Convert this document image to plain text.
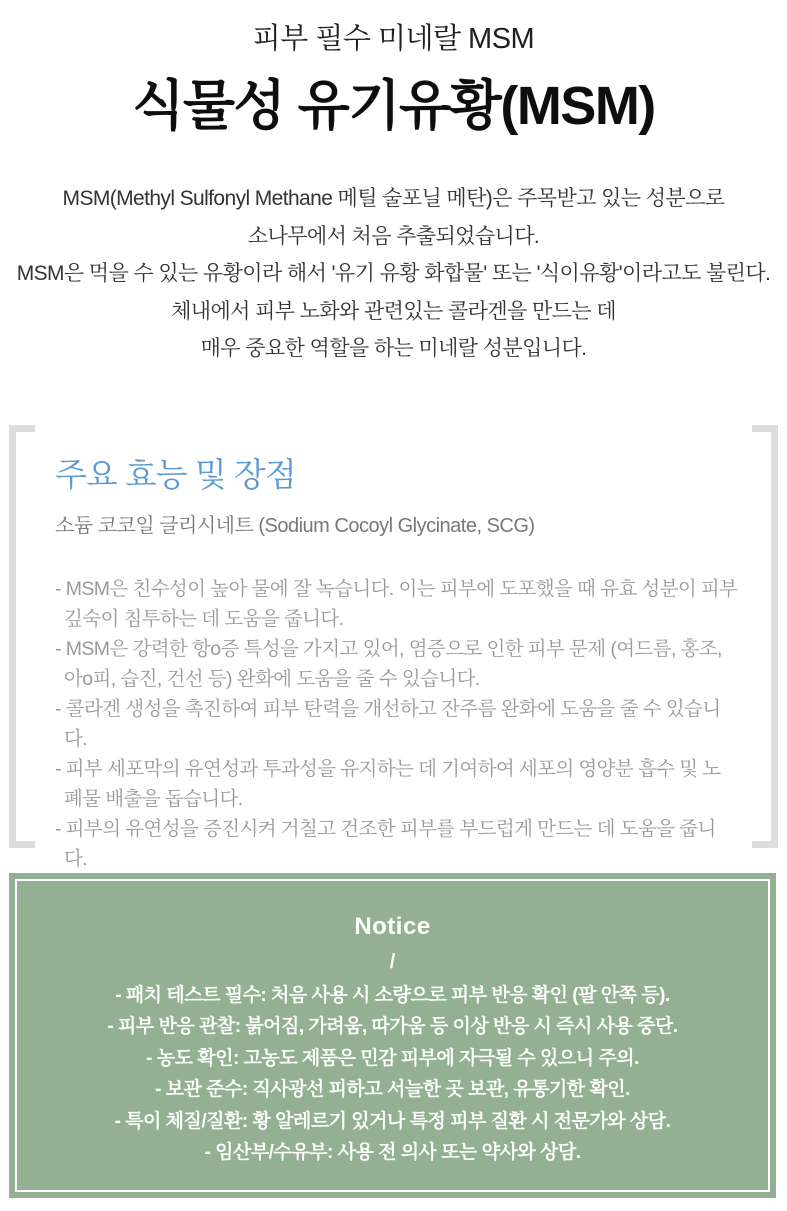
피부 필수 미네랄 MSM
식물성 유기유황(MSM)
MSM(Methyl Sulfonyl Methane 메틸 술포닐 메탄)은 주목받고 있는 성분으로
소나무에서 처음 추출되었습니다.
MSM은 먹을 수 있는 유황이라 해서 '유기 유황 화합물' 또는 '식이유황'이라고도 불린다.
체내에서 피부 노화와 관련있는 콜라겐을 만드는 데
매우 중요한 역할을 하는 미네랄 성분입니다.
주요 효능 및 장점
소듐 코코일 글리시네트 (Sodium Cocoyl Glycinate, SCG)
- MSM은 친수성이 높아 물에 잘 녹습니다. 이는 피부에 도포했을 때 유효 성분이 피부 깊숙이 침투하는 데 도움을 줍니다.
- MSM은 강력한 항o증 특성을 가지고 있어, 염증으로 인한 피부 문제 (여드름, 홍조, 아o피, 습진, 건선 등) 완화에 도움을 줄 수 있습니다.
- 콜라겐 생성을 촉진하여 피부 탄력을 개선하고 잔주름 완화에 도움을 줄 수 있습니다.
- 피부 세포막의 유연성과 투과성을 유지하는 데 기여하여 세포의 영양분 흡수 및 노폐물 배출을 돕습니다.
- 피부의 유연성을 증진시켜 거칠고 건조한 피부를 부드럽게 만드는 데 도움을 줍니다.
Notice
/
- 패치 테스트 필수: 처음 사용 시 소량으로 피부 반응 확인 (팔 안쪽 등).
- 피부 반응 관찰: 붉어짐, 가려움, 따가움 등 이상 반응 시 즉시 사용 중단.
- 농도 확인: 고농도 제품은 민감 피부에 자극될 수 있으니 주의.
- 보관 준수: 직사광선 피하고 서늘한 곳 보관, 유통기한 확인.
- 특이 체질/질환: 황 알레르기 있거나 특정 피부 질환 시 전문가와 상담.
- 임산부/수유부: 사용 전 의사 또는 약사와 상담.
